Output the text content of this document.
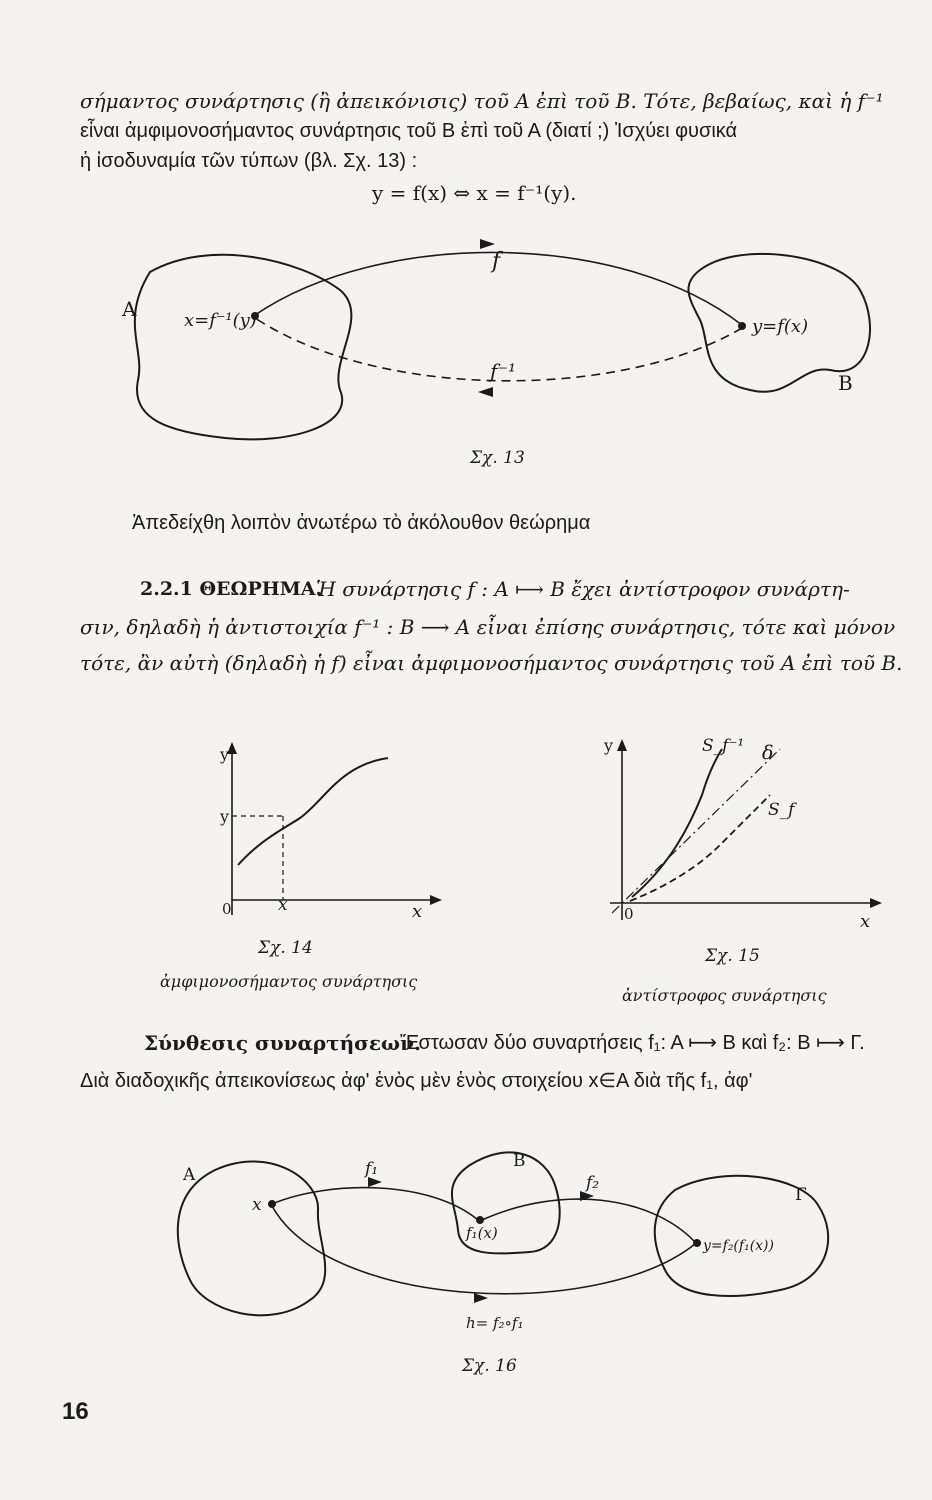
σήμαντος συνάρτησις (ἢ ἀπεικόνισις) τοῦ Α ἐπὶ τοῦ Β. Τότε, βεβαίως, καὶ ἡ f⁻¹
εἶναι ἀμφιμονοσήμαντος συνάρτησις τοῦ Β ἐπὶ τοῦ Α (διατί ;) Ἰσχύει φυσικά
ἡ ἰσοδυναμία τῶν τύπων (βλ. Σχ. 13) :
y = f(x) ⇔ x = f⁻¹(y).
A
B
x=f⁻¹(y)	y=f(x)
f
f⁻¹
Σχ. 13
Ἀπεδείχθη λοιπὸν ἀνωτέρω τὸ ἀκόλουθον θεώρημα
2.2.1 ΘΕΩΡΗΜΑ.
Ἡ συνάρτησις f : A ⟼ B ἔχει ἀντίστροφον συνάρτη-
σιν, δηλαδὴ ἡ ἀντιστοιχία f⁻¹ : B ⟶ A εἶναι ἐπίσης συνάρτησις, τότε καὶ μόνον
τότε, ἂν αὐτὴ (δηλαδὴ ἡ f) εἶναι ἀμφιμονοσήμαντος συνάρτησις τοῦ Α ἐπὶ τοῦ Β.
y
y
x
x
0
Σχ. 14
ἀμφιμονοσήμαντος συνάρτησις
y
x
0
S_f⁻¹ δ
S_f
Σχ. 15
ἀντίστροφος συνάρτησις
Σύνθεσις συναρτήσεων.
Ἔστωσαν δύο συναρτήσεις f₁: A ⟼ B καὶ f₂: B ⟼ Γ.
Διὰ διαδοχικῆς ἀπεικονίσεως ἀφ' ἑνὸς μὲν ἑνὸς στοιχείου x∈A διὰ τῆς f₁, ἀφ'
A
B
Γ
x
f₁(x)
y=f₂(f₁(x))
f₁
f₂
h= f₂∘f₁
Σχ. 16
16
